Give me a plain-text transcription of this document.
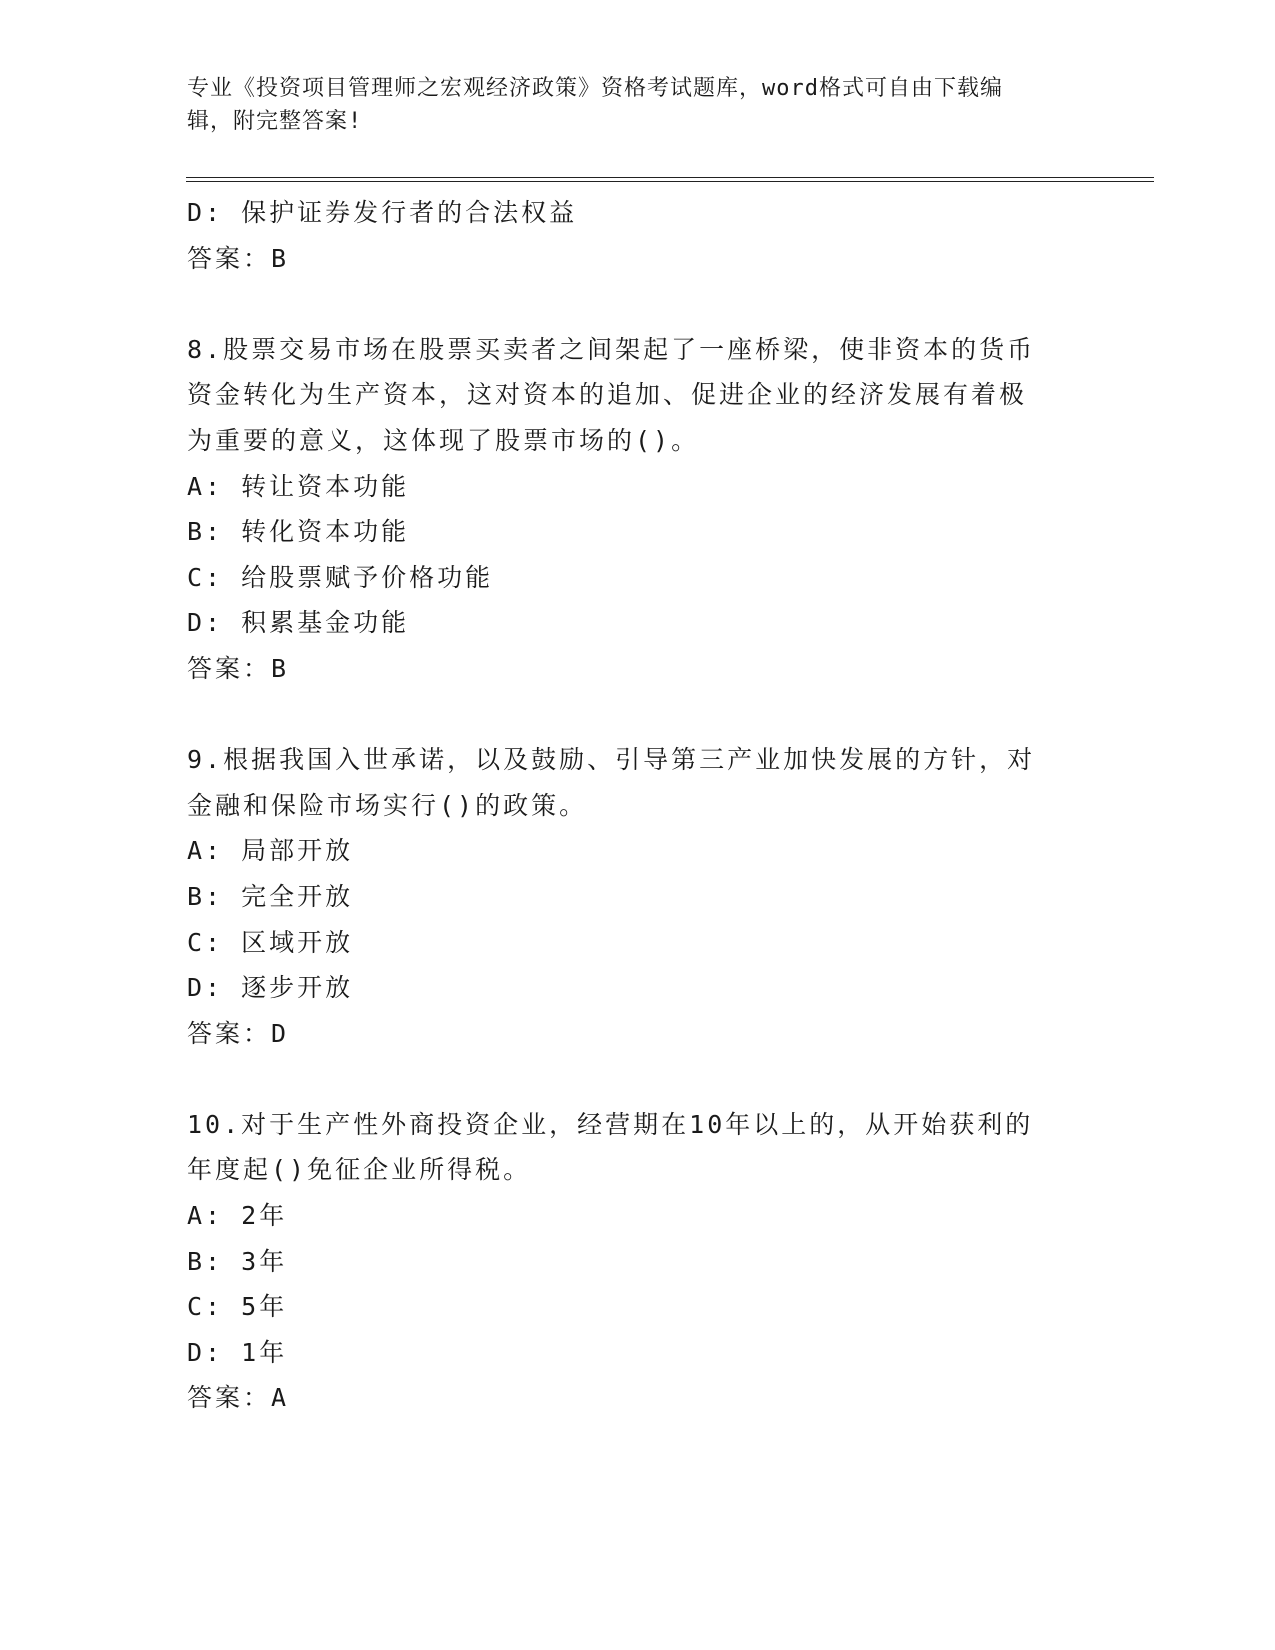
专业《投资项目管理师之宏观经济政策》资格考试题库，word格式可自由下载编
辑，附完整答案!
D: 保护证券发行者的合法权益
答案：B
8.股票交易市场在股票买卖者之间架起了一座桥梁，使非资本的货币
资金转化为生产资本，这对资本的追加、促进企业的经济发展有着极
为重要的意义，这体现了股票市场的()。
A: 转让资本功能
B: 转化资本功能
C: 给股票赋予价格功能
D: 积累基金功能
答案：B
9.根据我国入世承诺，以及鼓励、引导第三产业加快发展的方针，对
金融和保险市场实行()的政策。
A: 局部开放
B: 完全开放
C: 区域开放
D: 逐步开放
答案：D
10.对于生产性外商投资企业，经营期在10年以上的，从开始获利的
年度起()免征企业所得税。
A: 2年
B: 3年
C: 5年
D: 1年
答案：A
